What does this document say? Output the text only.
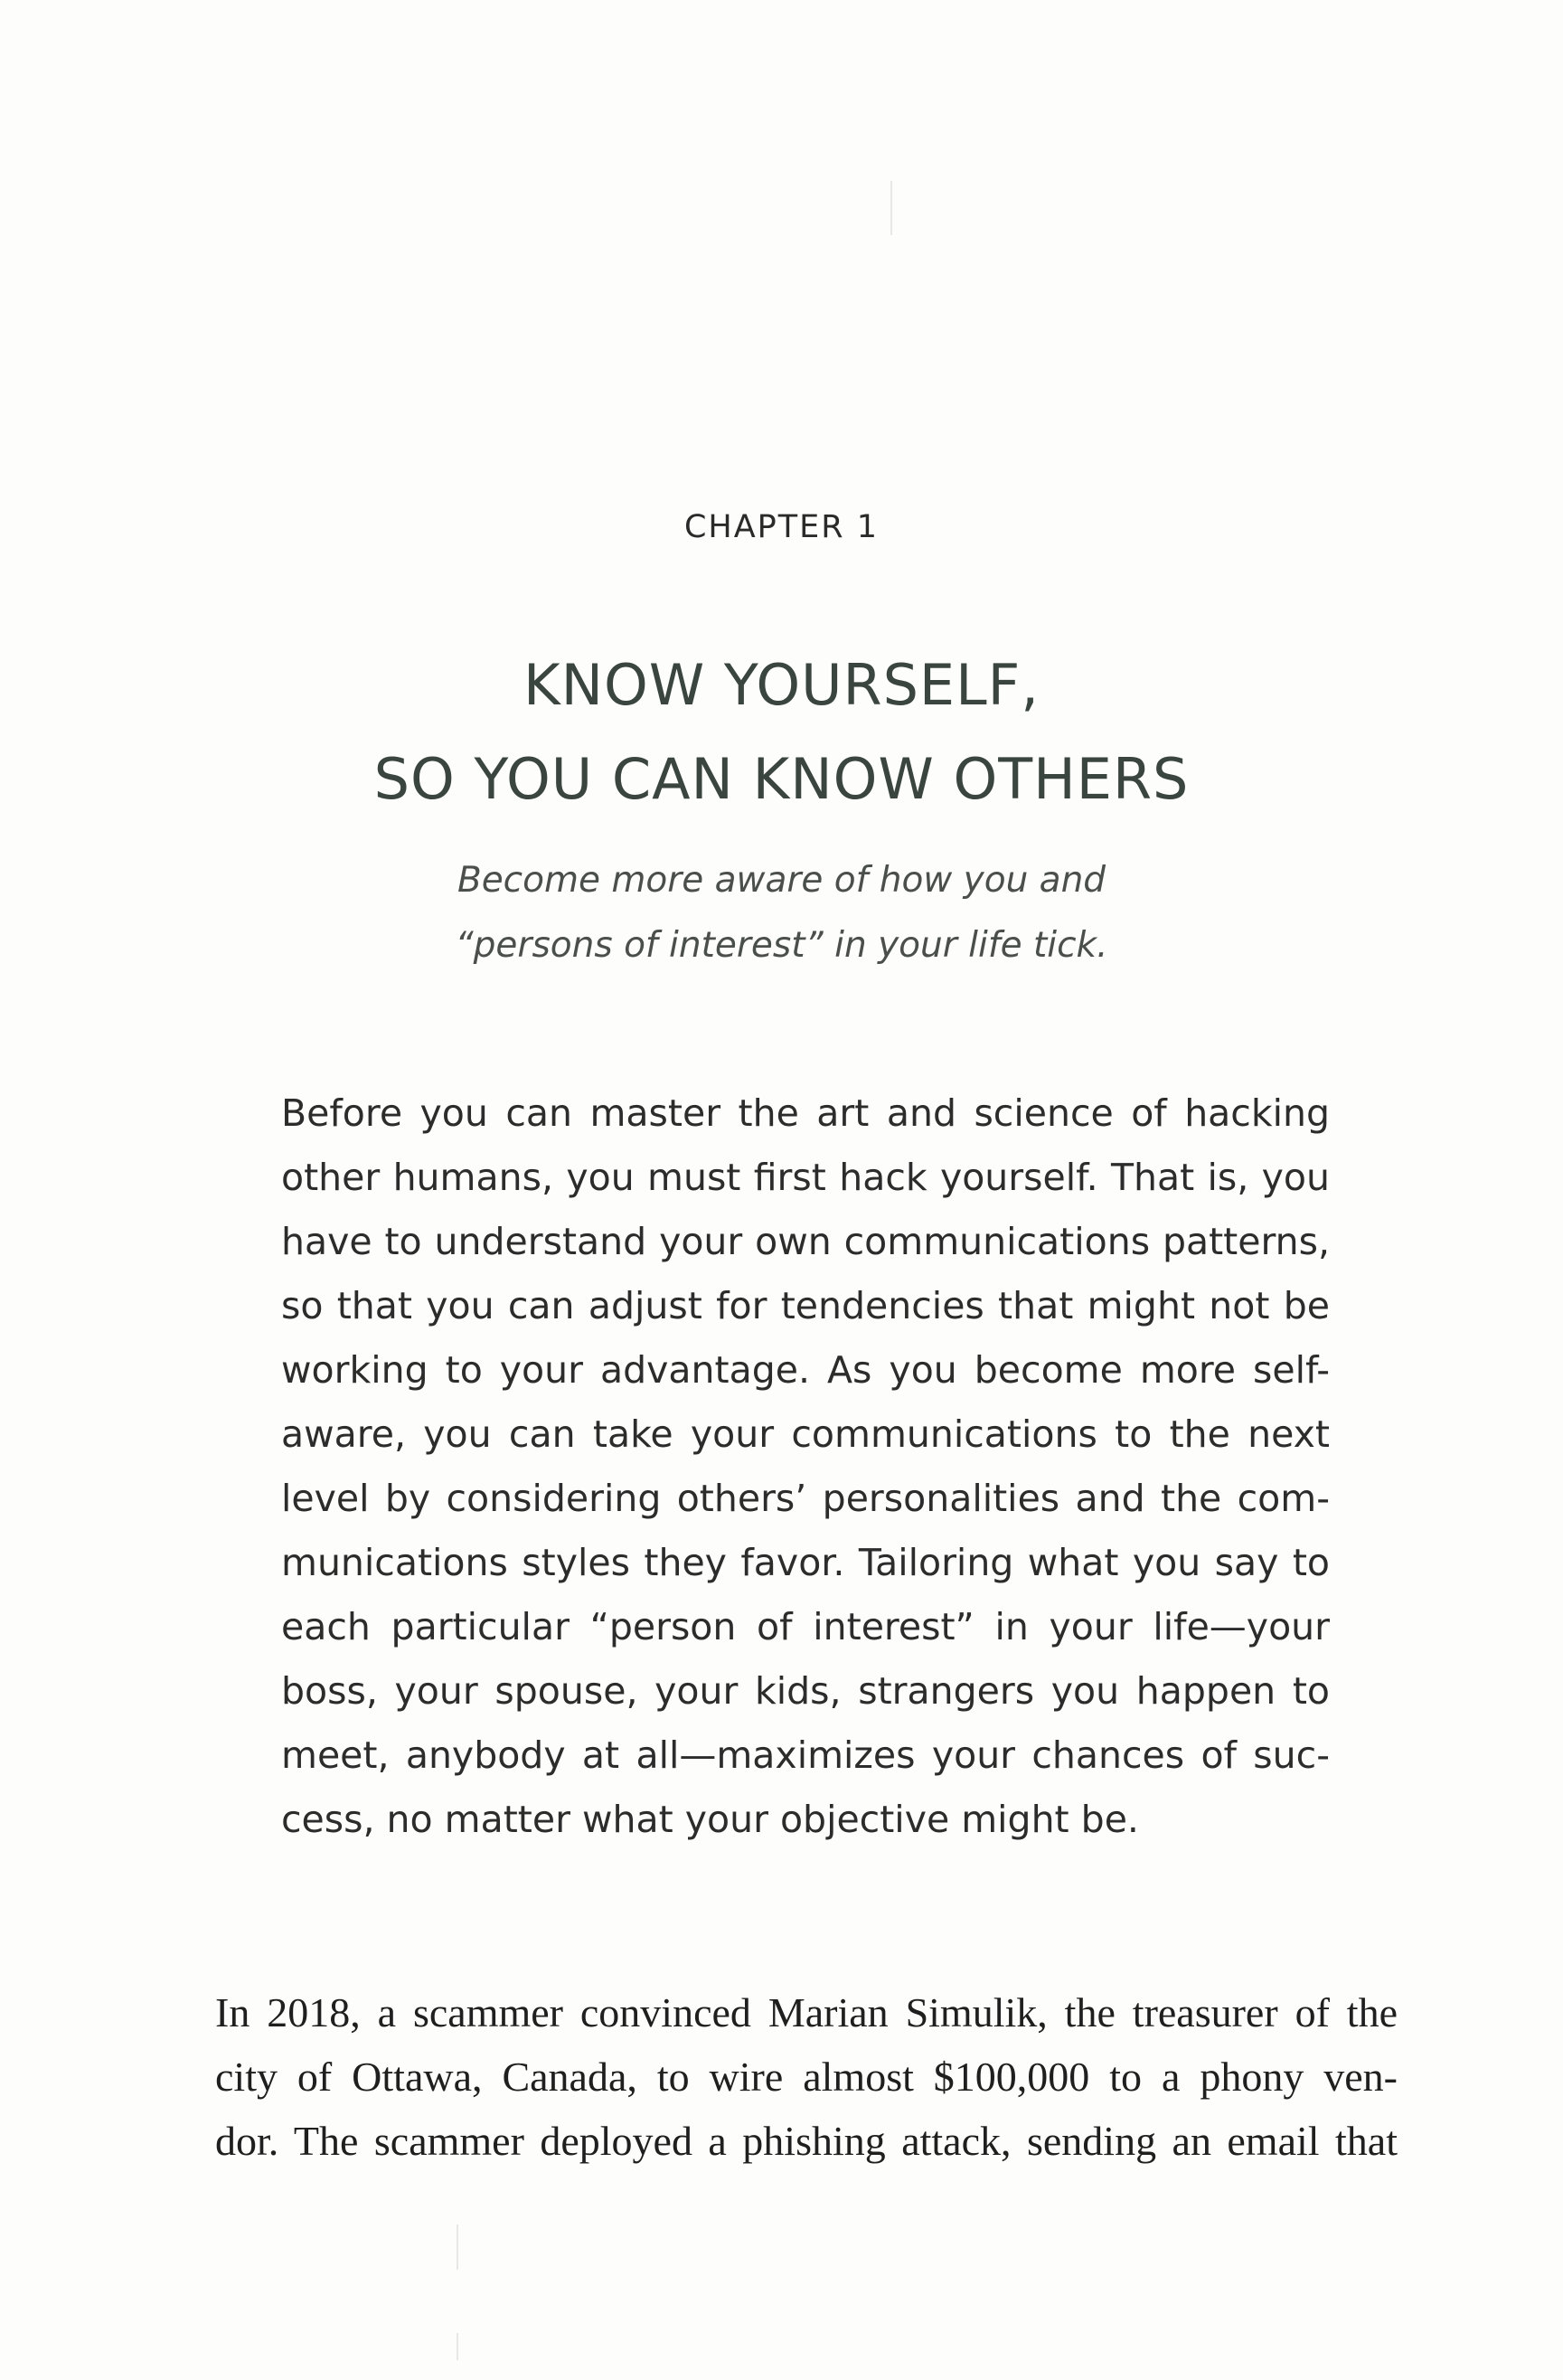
CHAPTER 1
KNOW YOURSELF,
SO YOU CAN KNOW OTHERS
Become more aware of how you and
“persons of interest” in your life tick.
Before you can master the art and science of hacking
other humans, you must first hack yourself. That is, you
have to understand your own communications patterns,
so that you can adjust for tendencies that might not be
working to your advantage. As you become more self-
aware, you can take your communications to the next
level by considering others’ personalities and the com-
munications styles they favor. Tailoring what you say to
each particular “person of interest” in your life—your
boss, your spouse, your kids, strangers you happen to
meet, anybody at all—maximizes your chances of suc-
cess, no matter what your objective might be.
In 2018, a scammer convinced Marian Simulik, the treasurer of the
city of Ottawa, Canada, to wire almost $100,000 to a phony ven-
dor. The scammer deployed a phishing attack, sending an email that
